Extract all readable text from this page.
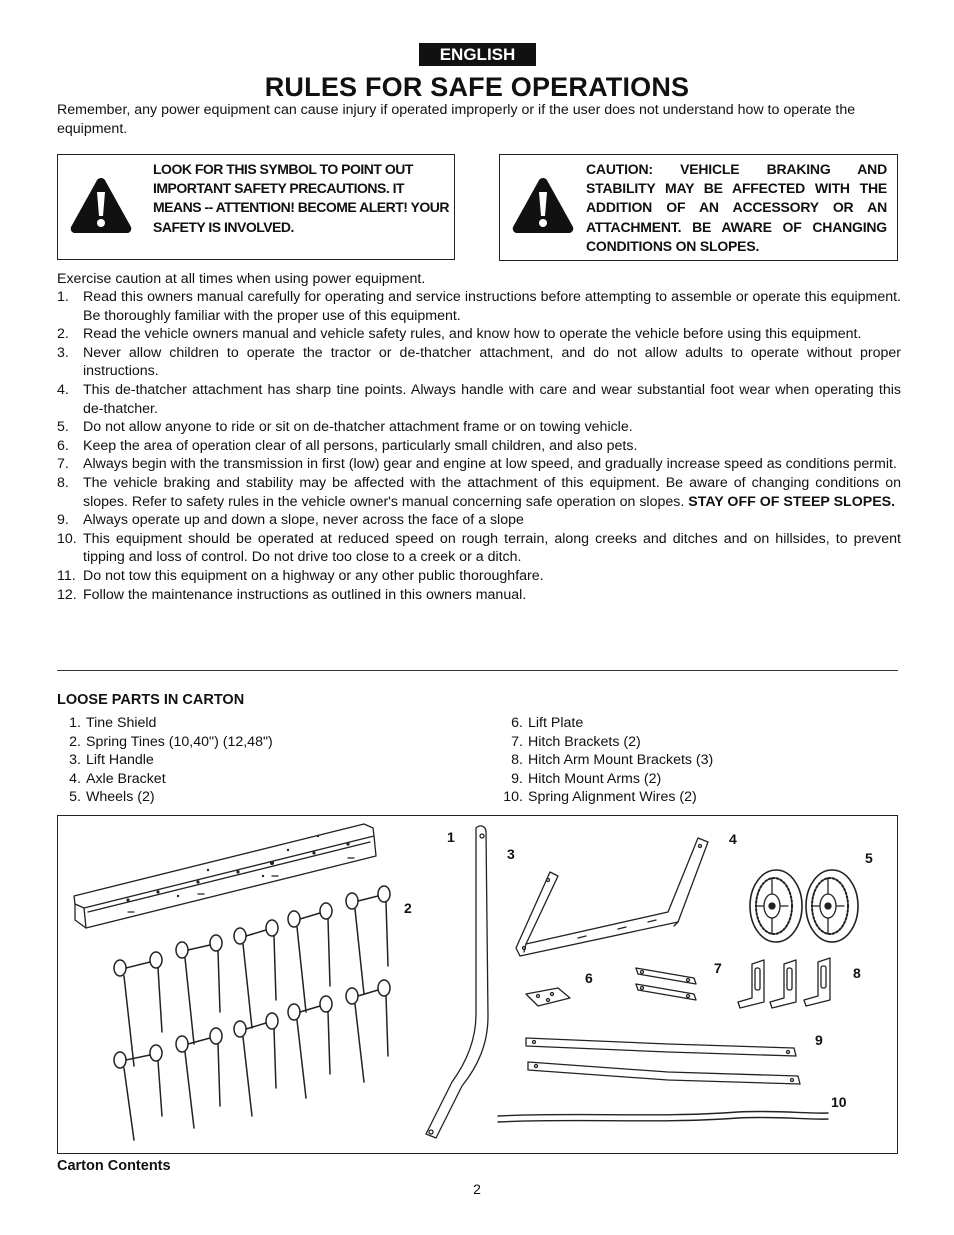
ENGLISH
RULES FOR SAFE OPERATIONS

Remember, any power equipment can cause injury if operated improperly or if the user does not understand how to operate the equipment.

LOOK FOR THIS SYMBOL TO POINT OUT IMPORTANT SAFETY PRECAUTIONS. IT MEANS -- ATTENTION! BECOME ALERT! YOUR SAFETY IS INVOLVED.
CAUTION: VEHICLE BRAKING AND STABILITY MAY BE AFFECTED WITH THE ADDITION OF AN ACCESSORY OR AN ATTACHMENT. BE AWARE OF CHANGING CONDITIONS ON SLOPES.

Exercise caution at all times when using power equipment.

1. Read this owners manual carefully for operating and service instructions before attempting to assemble or operate this equipment. Be thoroughly familiar with the proper use of this equipment.
2. Read the vehicle owners manual and vehicle safety rules, and know how to operate the vehicle before using this equipment.
3. Never allow children to operate the tractor or de-thatcher attachment, and do not allow adults to operate without proper instructions.
4. This de-thatcher attachment has sharp tine points. Always handle with care and wear substantial foot wear when operating this de-thatcher.
5. Do not allow anyone to ride or sit on de-thatcher attachment frame or on towing vehicle.
6. Keep the area of operation clear of all persons, particularly small children, and also pets.
7. Always begin with the transmission in first (low) gear and engine at low speed, and gradually increase speed as conditions permit.
8. The vehicle braking and stability may be affected with the attachment of this equipment. Be aware of changing conditions on slopes. Refer to safety rules in the vehicle owner's manual concerning safe operation on slopes. STAY OFF OF STEEP SLOPES.
9. Always operate up and down a slope, never across the face of a slope
10. This equipment should be operated at reduced speed on rough terrain, along creeks and ditches and on hillsides, to prevent tipping and loss of control. Do not drive too close to a creek or a ditch.
11. Do not tow this equipment on a highway or any other public thoroughfare.
12. Follow the maintenance instructions as outlined in this owners manual.
LOOSE PARTS IN CARTON
1. Tine Shield
2. Spring Tines (10,40") (12,48")
3. Lift Handle
4. Axle Bracket
5. Wheels (2)
6. Lift Plate
7. Hitch Brackets (2)
8. Hitch Arm Mount Brackets (3)
9. Hitch Mount Arms (2)
10. Spring Alignment Wires (2)
1
2
3
4
5
6
7	8
9
10
Carton Contents
2
